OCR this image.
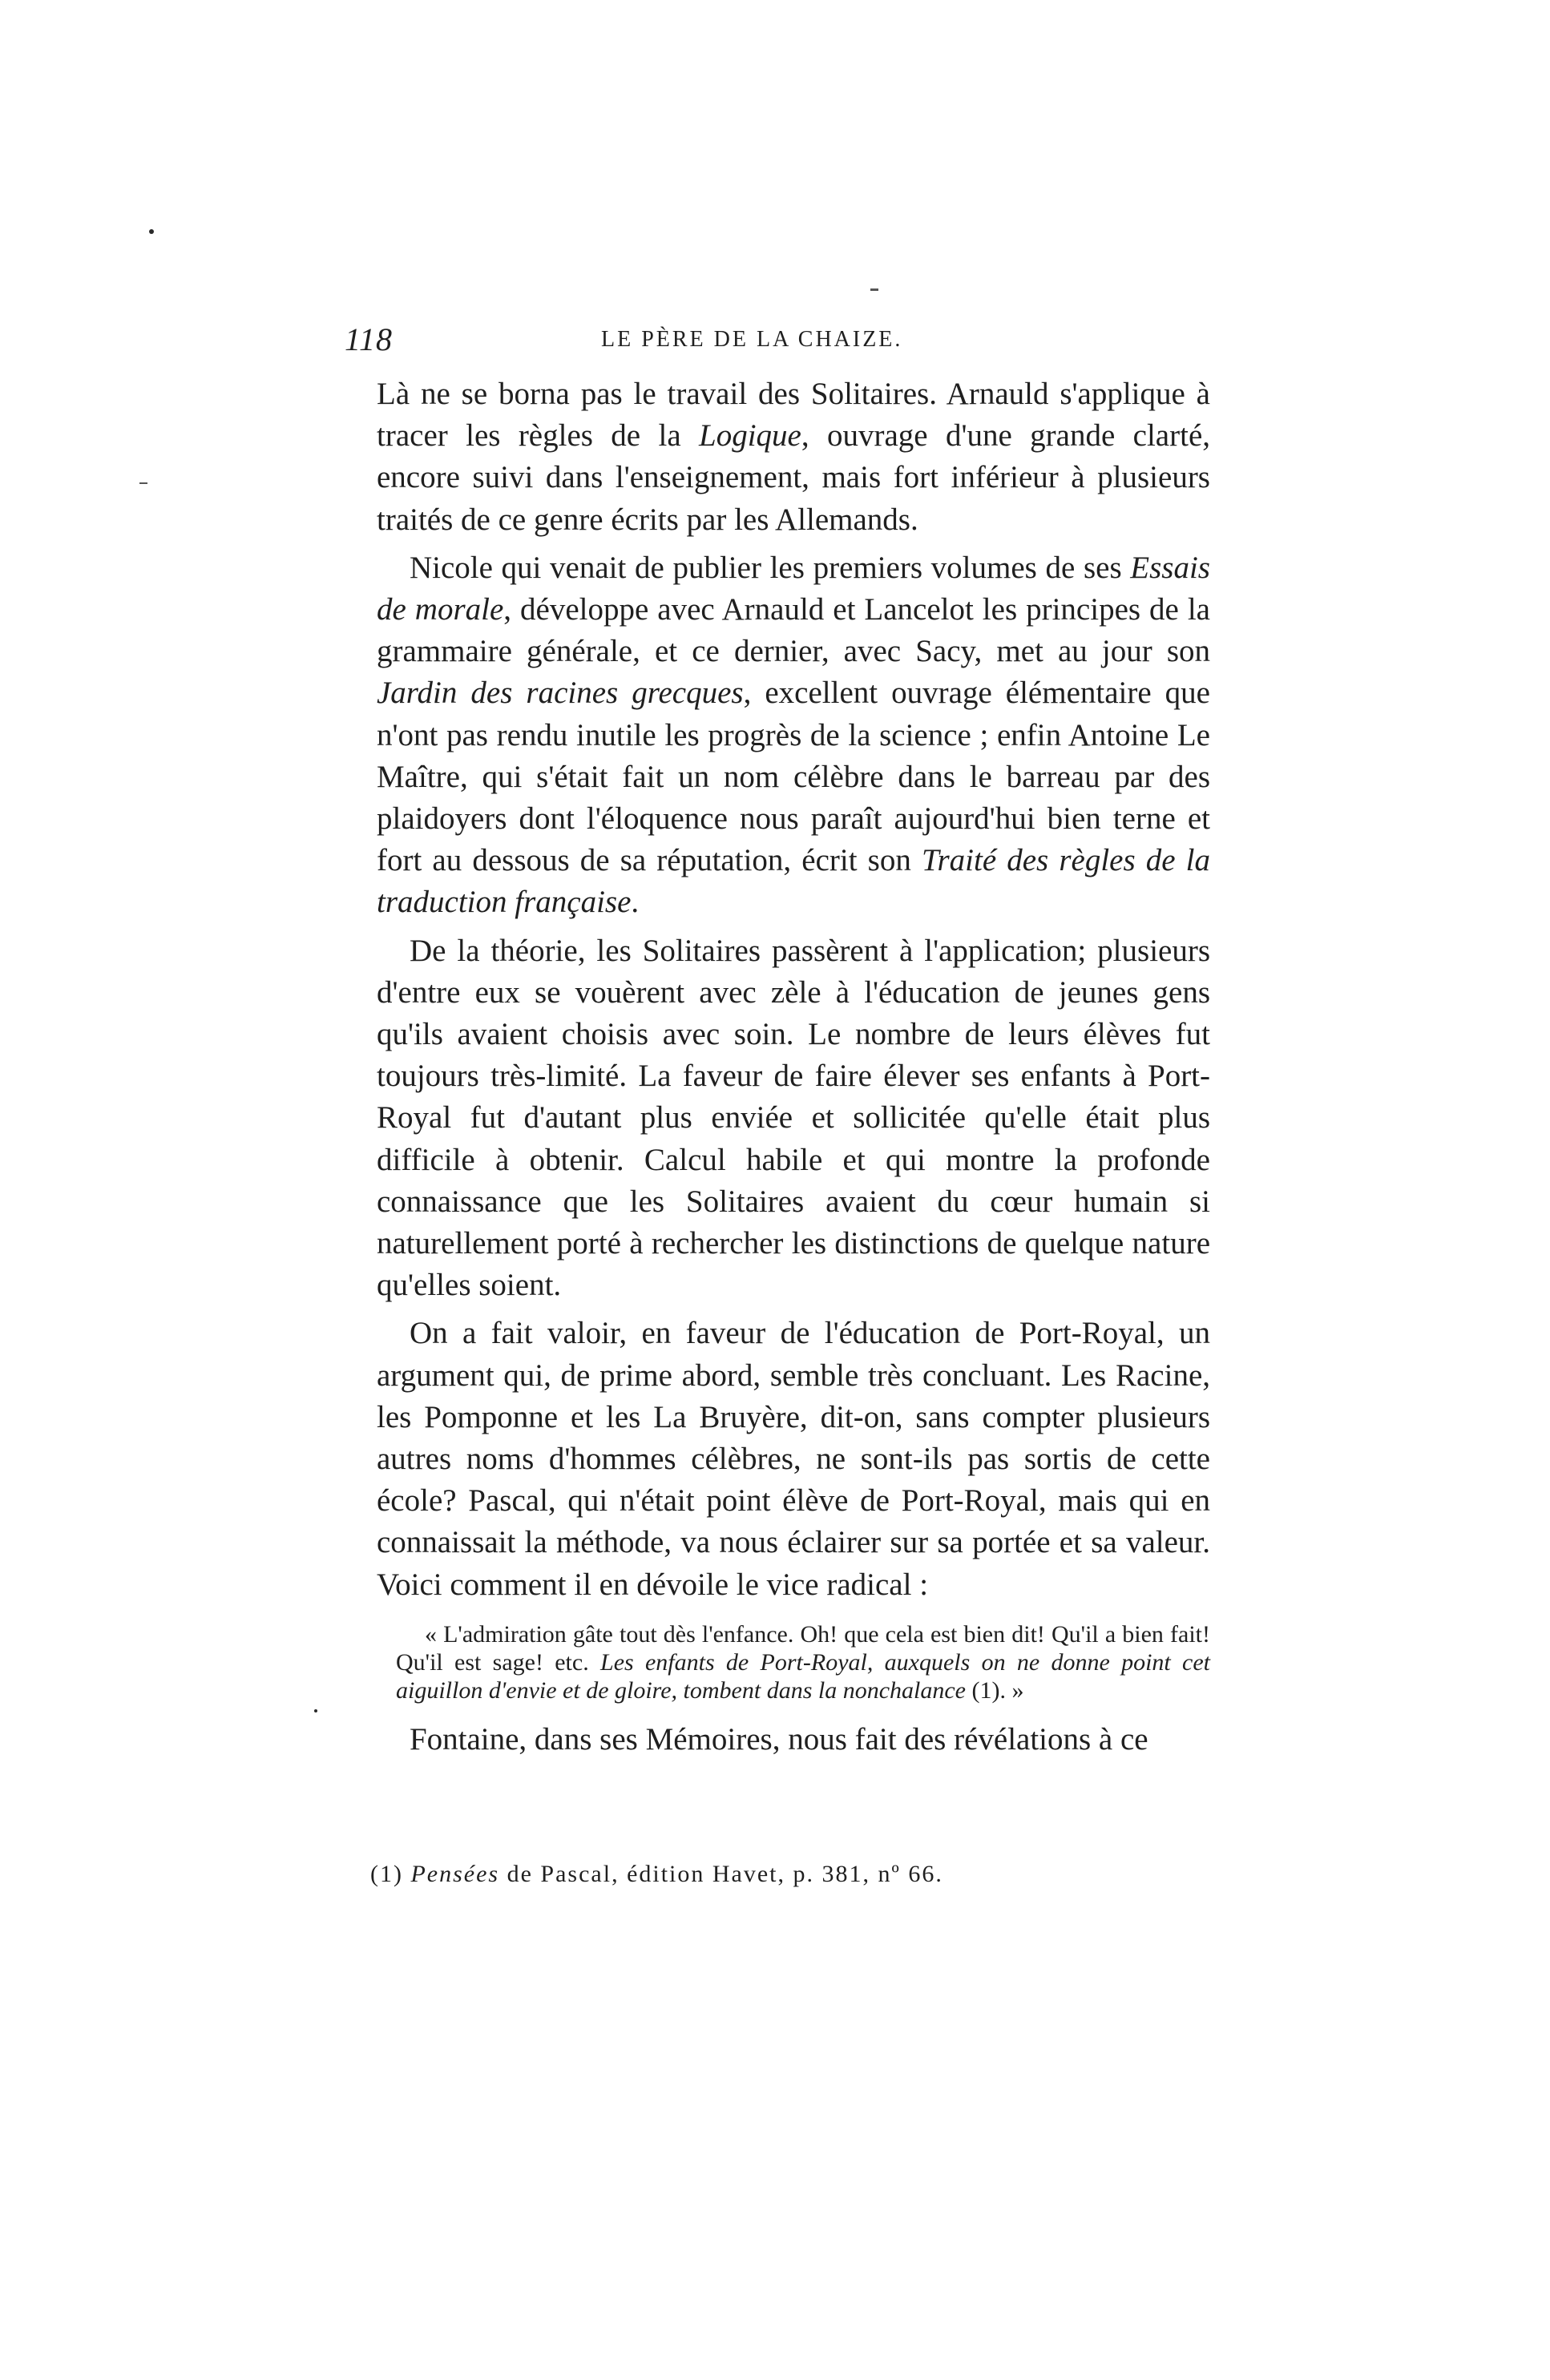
118	LE PÈRE DE LA CHAIZE.

Là ne se borna pas le travail des Solitaires. Arnauld s'applique à tracer les règles de la Logique, ouvrage d'une grande clarté, encore suivi dans l'enseignement, mais fort inférieur à plusieurs traités de ce genre écrits par les Allemands.

Nicole qui venait de publier les premiers volumes de ses Essais de morale, développe avec Arnauld et Lancelot les principes de la grammaire générale, et ce dernier, avec Sacy, met au jour son Jardin des racines grecques, excellent ouvrage élémentaire que n'ont pas rendu inutile les progrès de la science ; enfin Antoine Le Maître, qui s'était fait un nom célèbre dans le barreau par des plaidoyers dont l'éloquence nous paraît aujourd'hui bien terne et fort au dessous de sa réputation, écrit son Traité des règles de la traduction française.

De la théorie, les Solitaires passèrent à l'application; plusieurs d'entre eux se vouèrent avec zèle à l'éducation de jeunes gens qu'ils avaient choisis avec soin. Le nombre de leurs élèves fut toujours très-limité. La faveur de faire élever ses enfants à Port-Royal fut d'autant plus enviée et sollicitée qu'elle était plus difficile à obtenir. Calcul habile et qui montre la profonde connaissance que les Solitaires avaient du cœur humain si naturellement porté à rechercher les distinctions de quelque nature qu'elles soient.

On a fait valoir, en faveur de l'éducation de Port-Royal, un argument qui, de prime abord, semble très concluant. Les Racine, les Pomponne et les La Bruyère, dit-on, sans compter plusieurs autres noms d'hommes célèbres, ne sont-ils pas sortis de cette école? Pascal, qui n'était point élève de Port-Royal, mais qui en connaissait la méthode, va nous éclairer sur sa portée et sa valeur. Voici comment il en dévoile le vice radical :

« L'admiration gâte tout dès l'enfance. Oh! que cela est bien dit! Qu'il a bien fait! Qu'il est sage! etc. Les enfants de Port-Royal, auxquels on ne donne point cet aiguillon d'envie et de gloire, tombent dans la nonchalance (1). »

Fontaine, dans ses Mémoires, nous fait des révélations à ce

(1) Pensées de Pascal, édition Havet, p. 381, nº 66.
